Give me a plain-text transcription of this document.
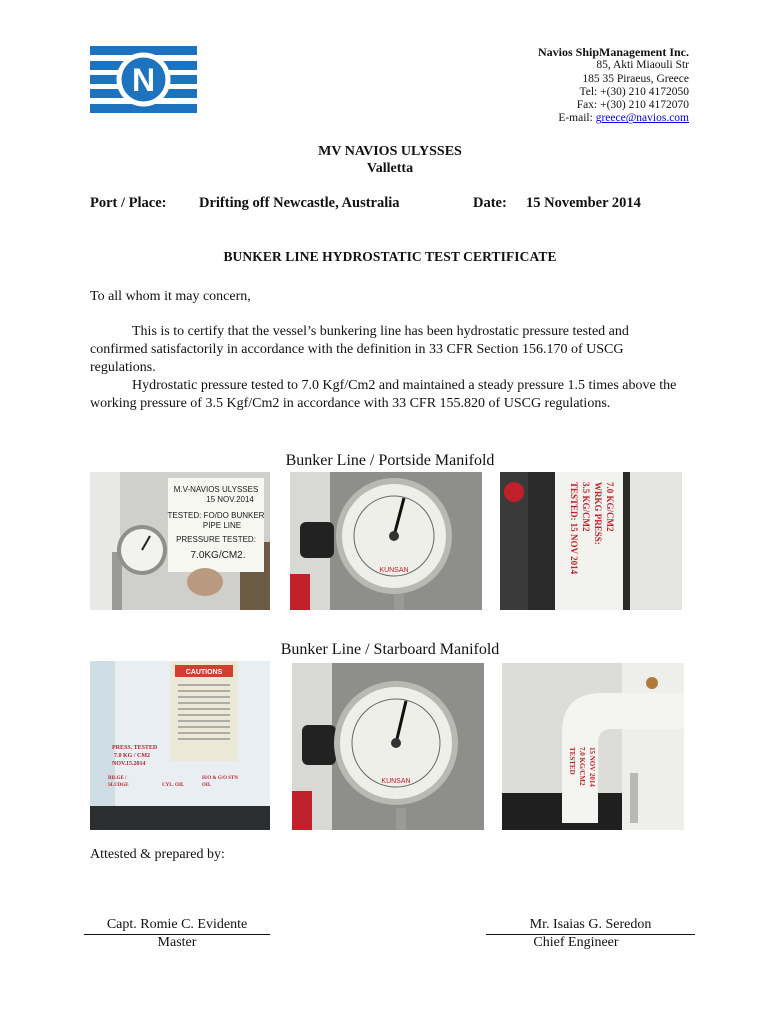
N
Navios ShipManagement Inc.
85, Akti Miaouli Str
185 35 Piraeus, Greece
Tel: +(30) 210 4172050
Fax: +(30) 210 4172070
E-mail: greece@navios.com
MV NAVIOS ULYSSES
Valletta
Port / Place: Drifting off Newcastle, Australia	Date: 15 November 2014
BUNKER LINE HYDROSTATIC TEST CERTIFICATE
To all whom it may concern,
This is to certify that the vessel’s bunkering line has been hydrostatic pressure tested and confirmed satisfactorily in accordance with the definition in 33 CFR Section 156.170 of USCG regulations.
Hydrostatic pressure tested to 7.0 Kgf/Cm2 and maintained a steady pressure 1.5 times above the working pressure of 3.5 Kgf/Cm2 in accordance with 33 CFR 155.820 of USCG regulations.
Bunker Line / Portside Manifold
M.V-NAVIOS ULYSSES
15 NOV.2014
TESTED: FO/DO BUNKER
PIPE LINE
PRESSURE TESTED:
7.0KG/CM2.
KUNSAN	TESTED: 15 NOV 2014 3.5 KG/CM2 WRKG PRESS: 7.0 KG/CM2
Bunker Line / Starboard Manifold
CAUTIONS
PRESS. TESTED
7.0 KG / CM2
NOV.15.2014
BILGE /
SLUDGE	CYL. OIL
H/O & G/O STN
OIL
KUNSAN
TESTED 7.0 KG/CM2 15 NOV 2014
Attested & prepared by:
Capt. Romie C. Evidente
Master
Mr. Isaias G. Seredon
Chief Engineer
